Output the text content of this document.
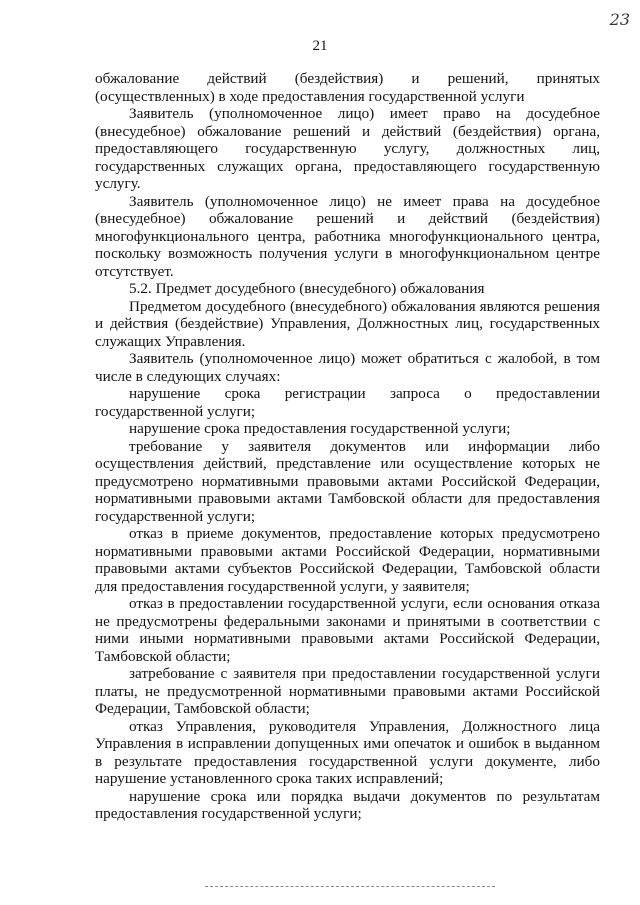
23
21

обжалование действий (бездействия) и решений, принятых (осуществленных) в ходе предоставления государственной услуги

Заявитель (уполномоченное лицо) имеет право на досудебное (внесудебное) обжалование решений и действий (бездействия) органа, предоставляющего государственную услугу, должностных лиц, государственных служащих органа, предоставляющего государственную услугу.

Заявитель (уполномоченное лицо) не имеет права на досудебное (внесудебное) обжалование решений и действий (бездействия) многофункционального центра, работника многофункционального центра, поскольку возможность получения услуги в многофункциональном центре отсутствует.

5.2. Предмет досудебного (внесудебного) обжалования

Предметом досудебного (внесудебного) обжалования являются решения и действия (бездействие) Управления, Должностных лиц, государственных служащих Управления.

Заявитель (уполномоченное лицо) может обратиться с жалобой, в том числе в следующих случаях:

нарушение срока регистрации запроса о предоставлении государственной услуги;

нарушение срока предоставления государственной услуги;

требование у заявителя документов или информации либо осуществления действий, представление или осуществление которых не предусмотрено нормативными правовыми актами Российской Федерации, нормативными правовыми актами Тамбовской области для предоставления государственной услуги;

отказ в приеме документов, предоставление которых предусмотрено нормативными правовыми актами Российской Федерации, нормативными правовыми актами субъектов Российской Федерации, Тамбовской области для предоставления государственной услуги, у заявителя;

отказ в предоставлении государственной услуги, если основания отказа не предусмотрены федеральными законами и принятыми в соответствии с ними иными нормативными правовыми актами Российской Федерации, Тамбовской области;

затребование с заявителя при предоставлении государственной услуги платы, не предусмотренной нормативными правовыми актами Российской Федерации, Тамбовской области;

отказ Управления, руководителя Управления, Должностного лица Управления в исправлении допущенных ими опечаток и ошибок в выданном в результате предоставления государственной услуги документе, либо нарушение установленного срока таких исправлений;

нарушение срока или порядка выдачи документов по результатам предоставления государственной услуги;
